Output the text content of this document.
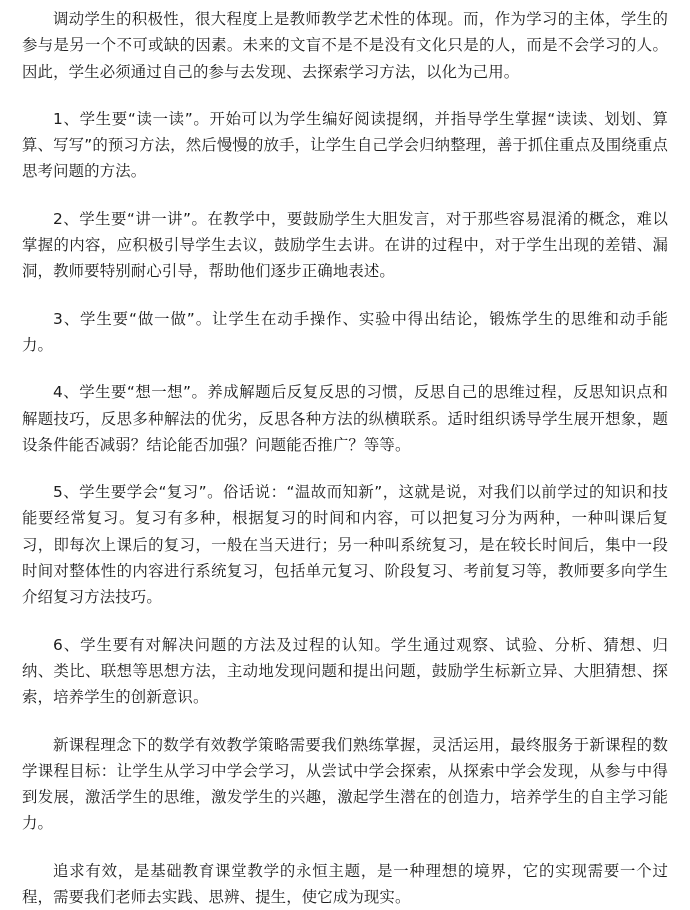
调动学生的积极性，很大程度上是教师教学艺术性的体现。而，作为学习的主体，学生的参与是另一个不可或缺的因素。未来的文盲不是不是没有文化只是的人，而是不会学习的人。因此，学生必须通过自己的参与去发现、去探索学习方法，以化为己用。

1、学生要“读一读”。开始可以为学生编好阅读提纲，并指导学生掌握“读读、划划、算算、写写”的预习方法，然后慢慢的放手，让学生自己学会归纳整理，善于抓住重点及围绕重点思考问题的方法。

2、学生要“讲一讲”。在教学中，要鼓励学生大胆发言，对于那些容易混淆的概念，难以掌握的内容，应积极引导学生去议，鼓励学生去讲。在讲的过程中，对于学生出现的差错、漏洞，教师要特别耐心引导，帮助他们逐步正确地表述。

3、学生要“做一做”。让学生在动手操作、实验中得出结论，锻炼学生的思维和动手能力。

4、学生要“想一想”。养成解题后反复反思的习惯，反思自己的思维过程，反思知识点和解题技巧，反思多种解法的优劣，反思各种方法的纵横联系。适时组织诱导学生展开想象，题设条件能否减弱？结论能否加强？问题能否推广？等等。

5、学生要学会“复习”。俗话说：“温故而知新”，这就是说，对我们以前学过的知识和技能要经常复习。复习有多种，根据复习的时间和内容，可以把复习分为两种，一种叫课后复习，即每次上课后的复习，一般在当天进行；另一种叫系统复习，是在较长时间后，集中一段时间对整体性的内容进行系统复习，包括单元复习、阶段复习、考前复习等，教师要多向学生介绍复习方法技巧。

6、学生要有对解决问题的方法及过程的认知。学生通过观察、试验、分析、猜想、归纳、类比、联想等思想方法，主动地发现问题和提出问题，鼓励学生标新立异、大胆猜想、探索，培养学生的创新意识。

新课程理念下的数学有效教学策略需要我们熟练掌握，灵活运用，最终服务于新课程的数学课程目标：让学生从学习中学会学习，从尝试中学会探索，从探索中学会发现，从参与中得到发展，激活学生的思维，激发学生的兴趣，激起学生潜在的创造力，培养学生的自主学习能力。

追求有效，是基础教育课堂教学的永恒主题，是一种理想的境界，它的实现需要一个过程，需要我们老师去实践、思辨、提生，使它成为现实。
